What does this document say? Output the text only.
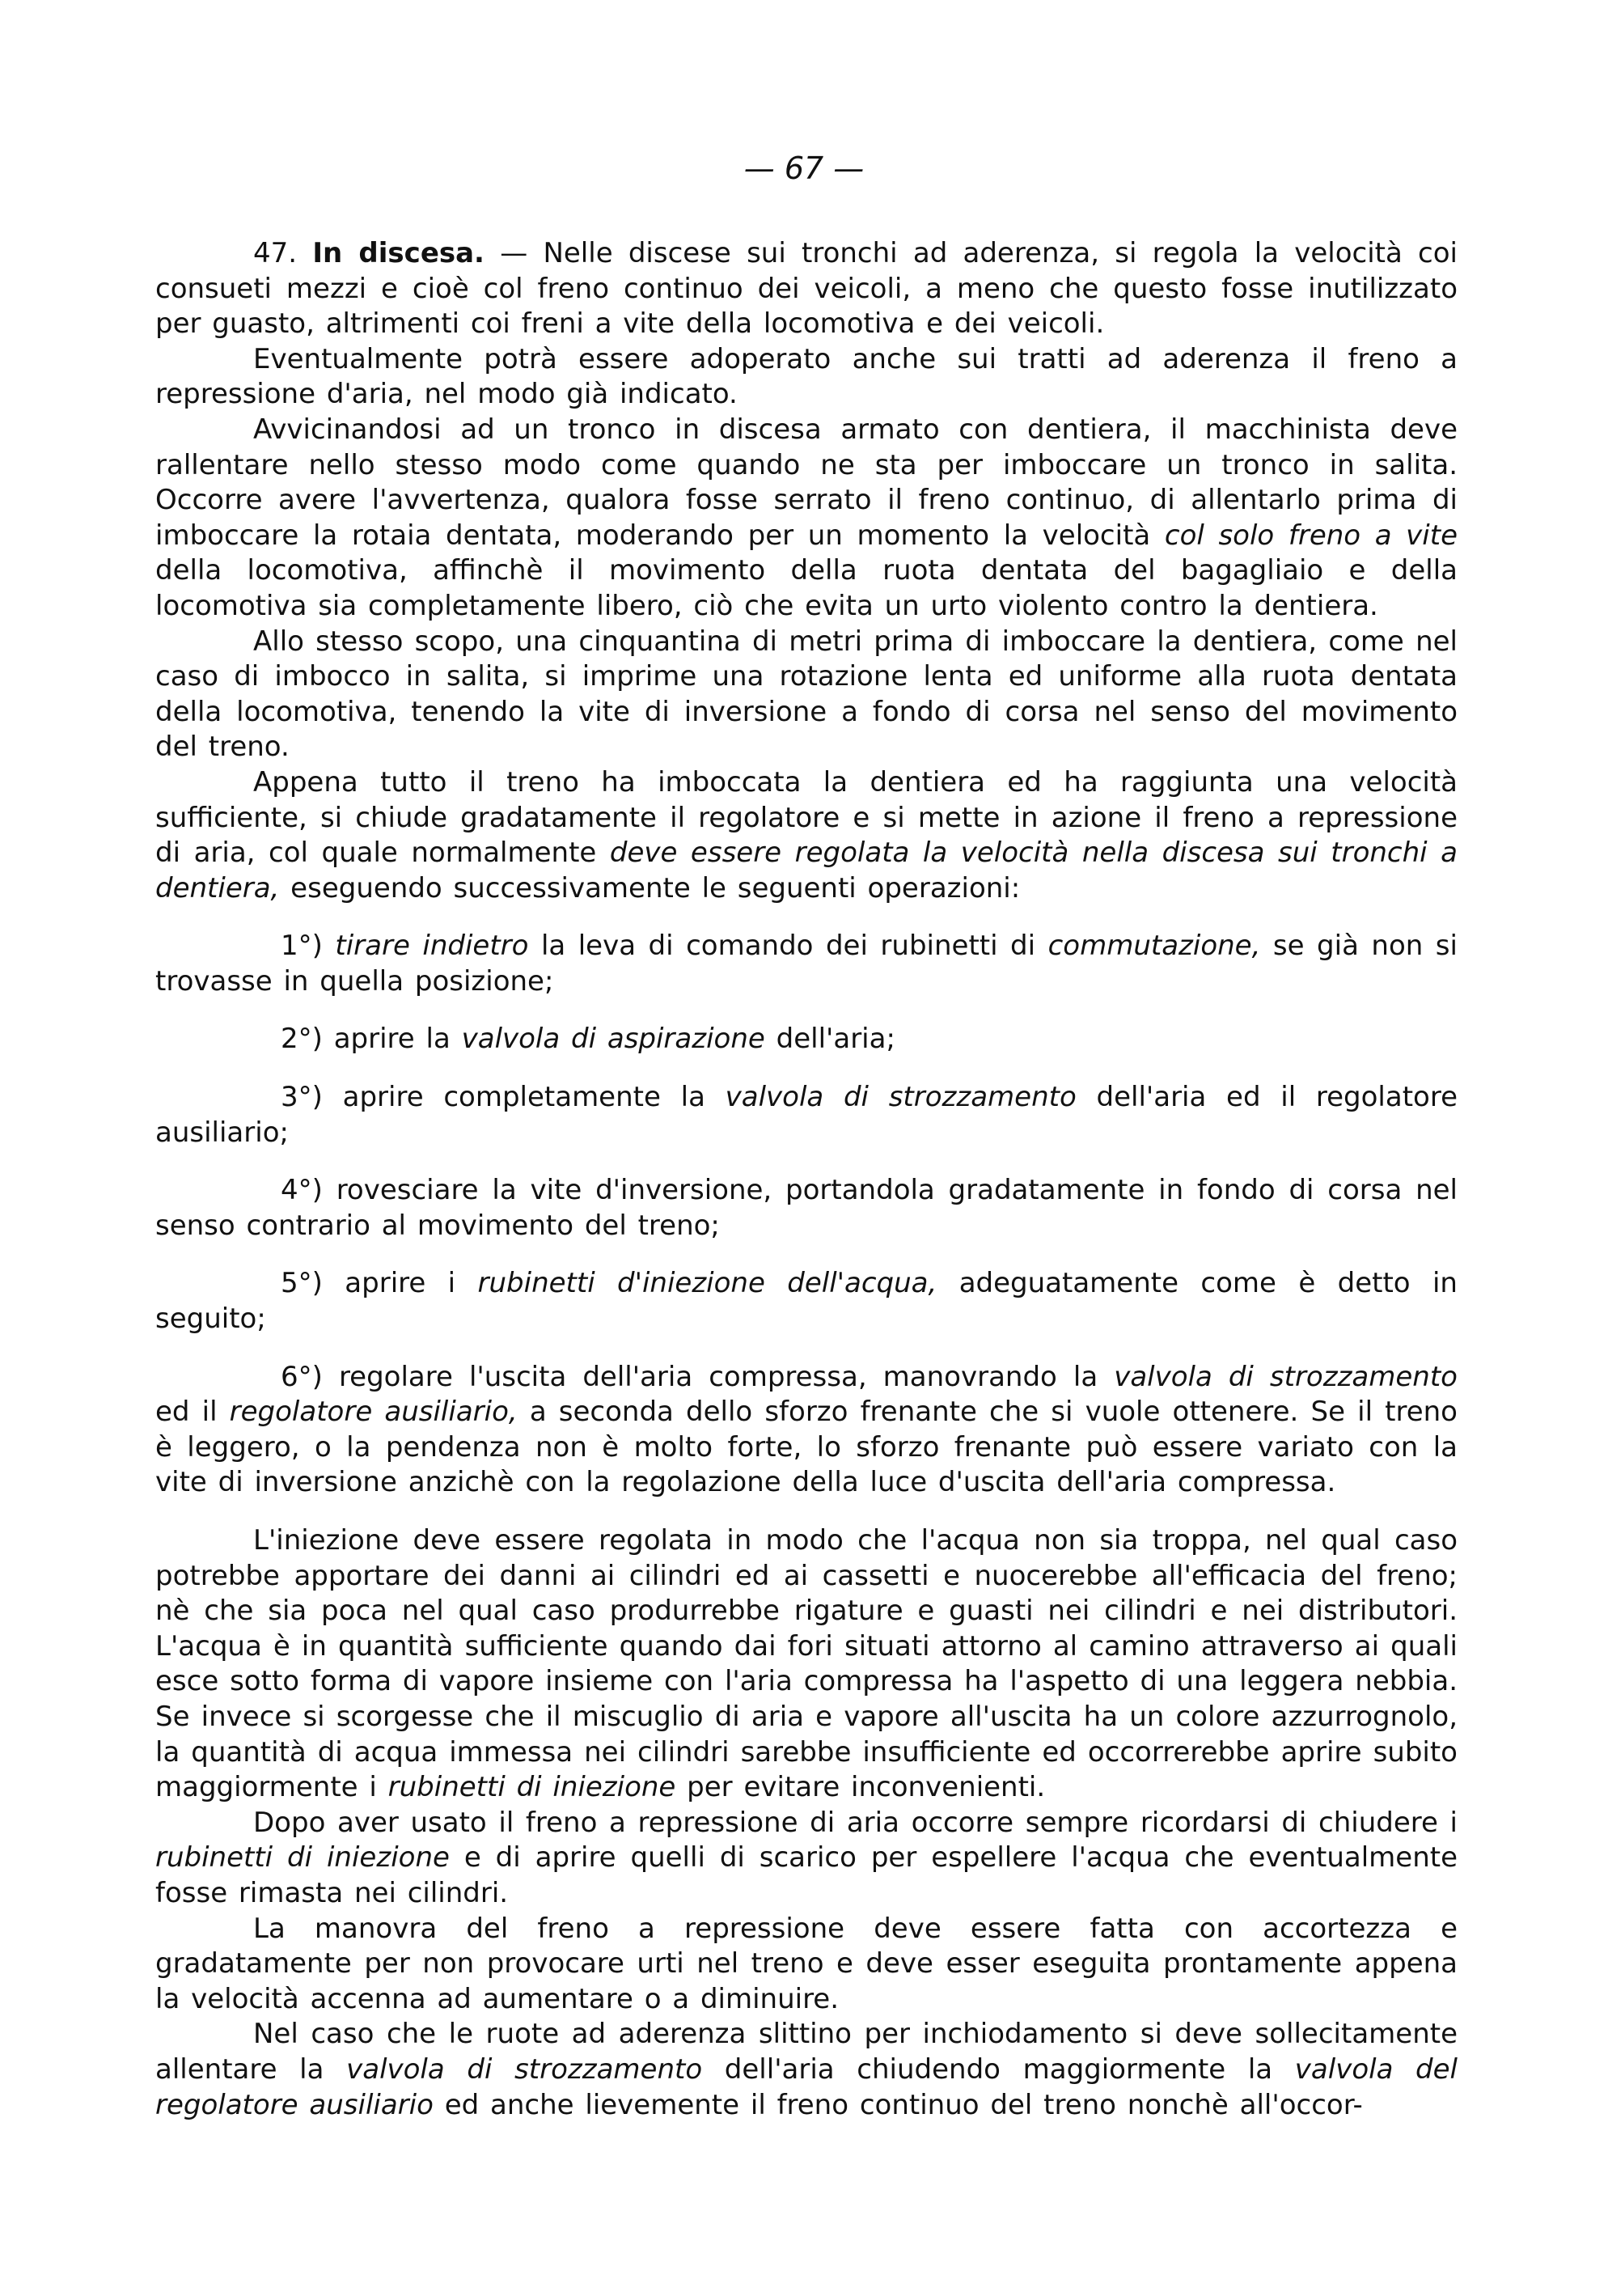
— 67 —

47. In discesa. — Nelle discese sui tronchi ad aderenza, si regola la velocità coi consueti mezzi e cioè col freno continuo dei veicoli, a meno che questo fosse inutilizzato per guasto, altrimenti coi freni a vite della locomotiva e dei veicoli.

Eventualmente potrà essere adoperato anche sui tratti ad aderenza il freno a repressione d'aria, nel modo già indicato.

Avvicinandosi ad un tronco in discesa armato con dentiera, il macchinista deve rallentare nello stesso modo come quando ne sta per imboccare un tronco in salita. Occorre avere l'avvertenza, qualora fosse serrato il freno continuo, di allentarlo prima di imboccare la rotaia dentata, moderando per un momento la velocità col solo freno a vite della locomotiva, affinchè il movimento della ruota dentata del bagagliaio e della locomotiva sia completamente libero, ciò che evita un urto violento contro la dentiera.

Allo stesso scopo, una cinquantina di metri prima di imboccare la dentiera, come nel caso di imbocco in salita, si imprime una rotazione lenta ed uniforme alla ruota dentata della locomotiva, tenendo la vite di inversione a fondo di corsa nel senso del movimento del treno.

Appena tutto il treno ha imboccata la dentiera ed ha raggiunta una velocità sufficiente, si chiude gradatamente il regolatore e si mette in azione il freno a repressione di aria, col quale normalmente deve essere regolata la velocità nella discesa sui tronchi a dentiera, eseguendo successivamente le seguenti operazioni:

1°) tirare indietro la leva di comando dei rubinetti di commutazione, se già non si trovasse in quella posizione;

2°) aprire la valvola di aspirazione dell'aria;

3°) aprire completamente la valvola di strozzamento dell'aria ed il regolatore ausiliario;

4°) rovesciare la vite d'inversione, portandola gradatamente in fondo di corsa nel senso contrario al movimento del treno;

5°) aprire i rubinetti d'iniezione dell'acqua, adeguatamente come è detto in seguito;

6°) regolare l'uscita dell'aria compressa, manovrando la valvola di strozzamento ed il regolatore ausiliario, a seconda dello sforzo frenante che si vuole ottenere. Se il treno è leggero, o la pendenza non è molto forte, lo sforzo frenante può essere variato con la vite di inversione anzichè con la regolazione della luce d'uscita dell'aria compressa.

L'iniezione deve essere regolata in modo che l'acqua non sia troppa, nel qual caso potrebbe apportare dei danni ai cilindri ed ai cassetti e nuocerebbe all'efficacia del freno; nè che sia poca nel qual caso produrrebbe rigature e guasti nei cilindri e nei distributori. L'acqua è in quantità sufficiente quando dai fori situati attorno al camino attraverso ai quali esce sotto forma di vapore insieme con l'aria compressa ha l'aspetto di una leggera nebbia. Se invece si scorgesse che il miscuglio di aria e vapore all'uscita ha un colore azzurrognolo, la quantità di acqua immessa nei cilindri sarebbe insufficiente ed occorrerebbe aprire subito maggiormente i rubinetti di iniezione per evitare inconvenienti.

Dopo aver usato il freno a repressione di aria occorre sempre ricordarsi di chiudere i rubinetti di iniezione e di aprire quelli di scarico per espellere l'acqua che eventualmente fosse rimasta nei cilindri.

La manovra del freno a repressione deve essere fatta con accortezza e gradatamente per non provocare urti nel treno e deve esser eseguita prontamente appena la velocità accenna ad aumentare o a diminuire.

Nel caso che le ruote ad aderenza slittino per inchiodamento si deve sollecitamente allentare la valvola di strozzamento dell'aria chiudendo maggiormente la valvola del regolatore ausiliario ed anche lievemente il freno continuo del treno nonchè all'occor-
